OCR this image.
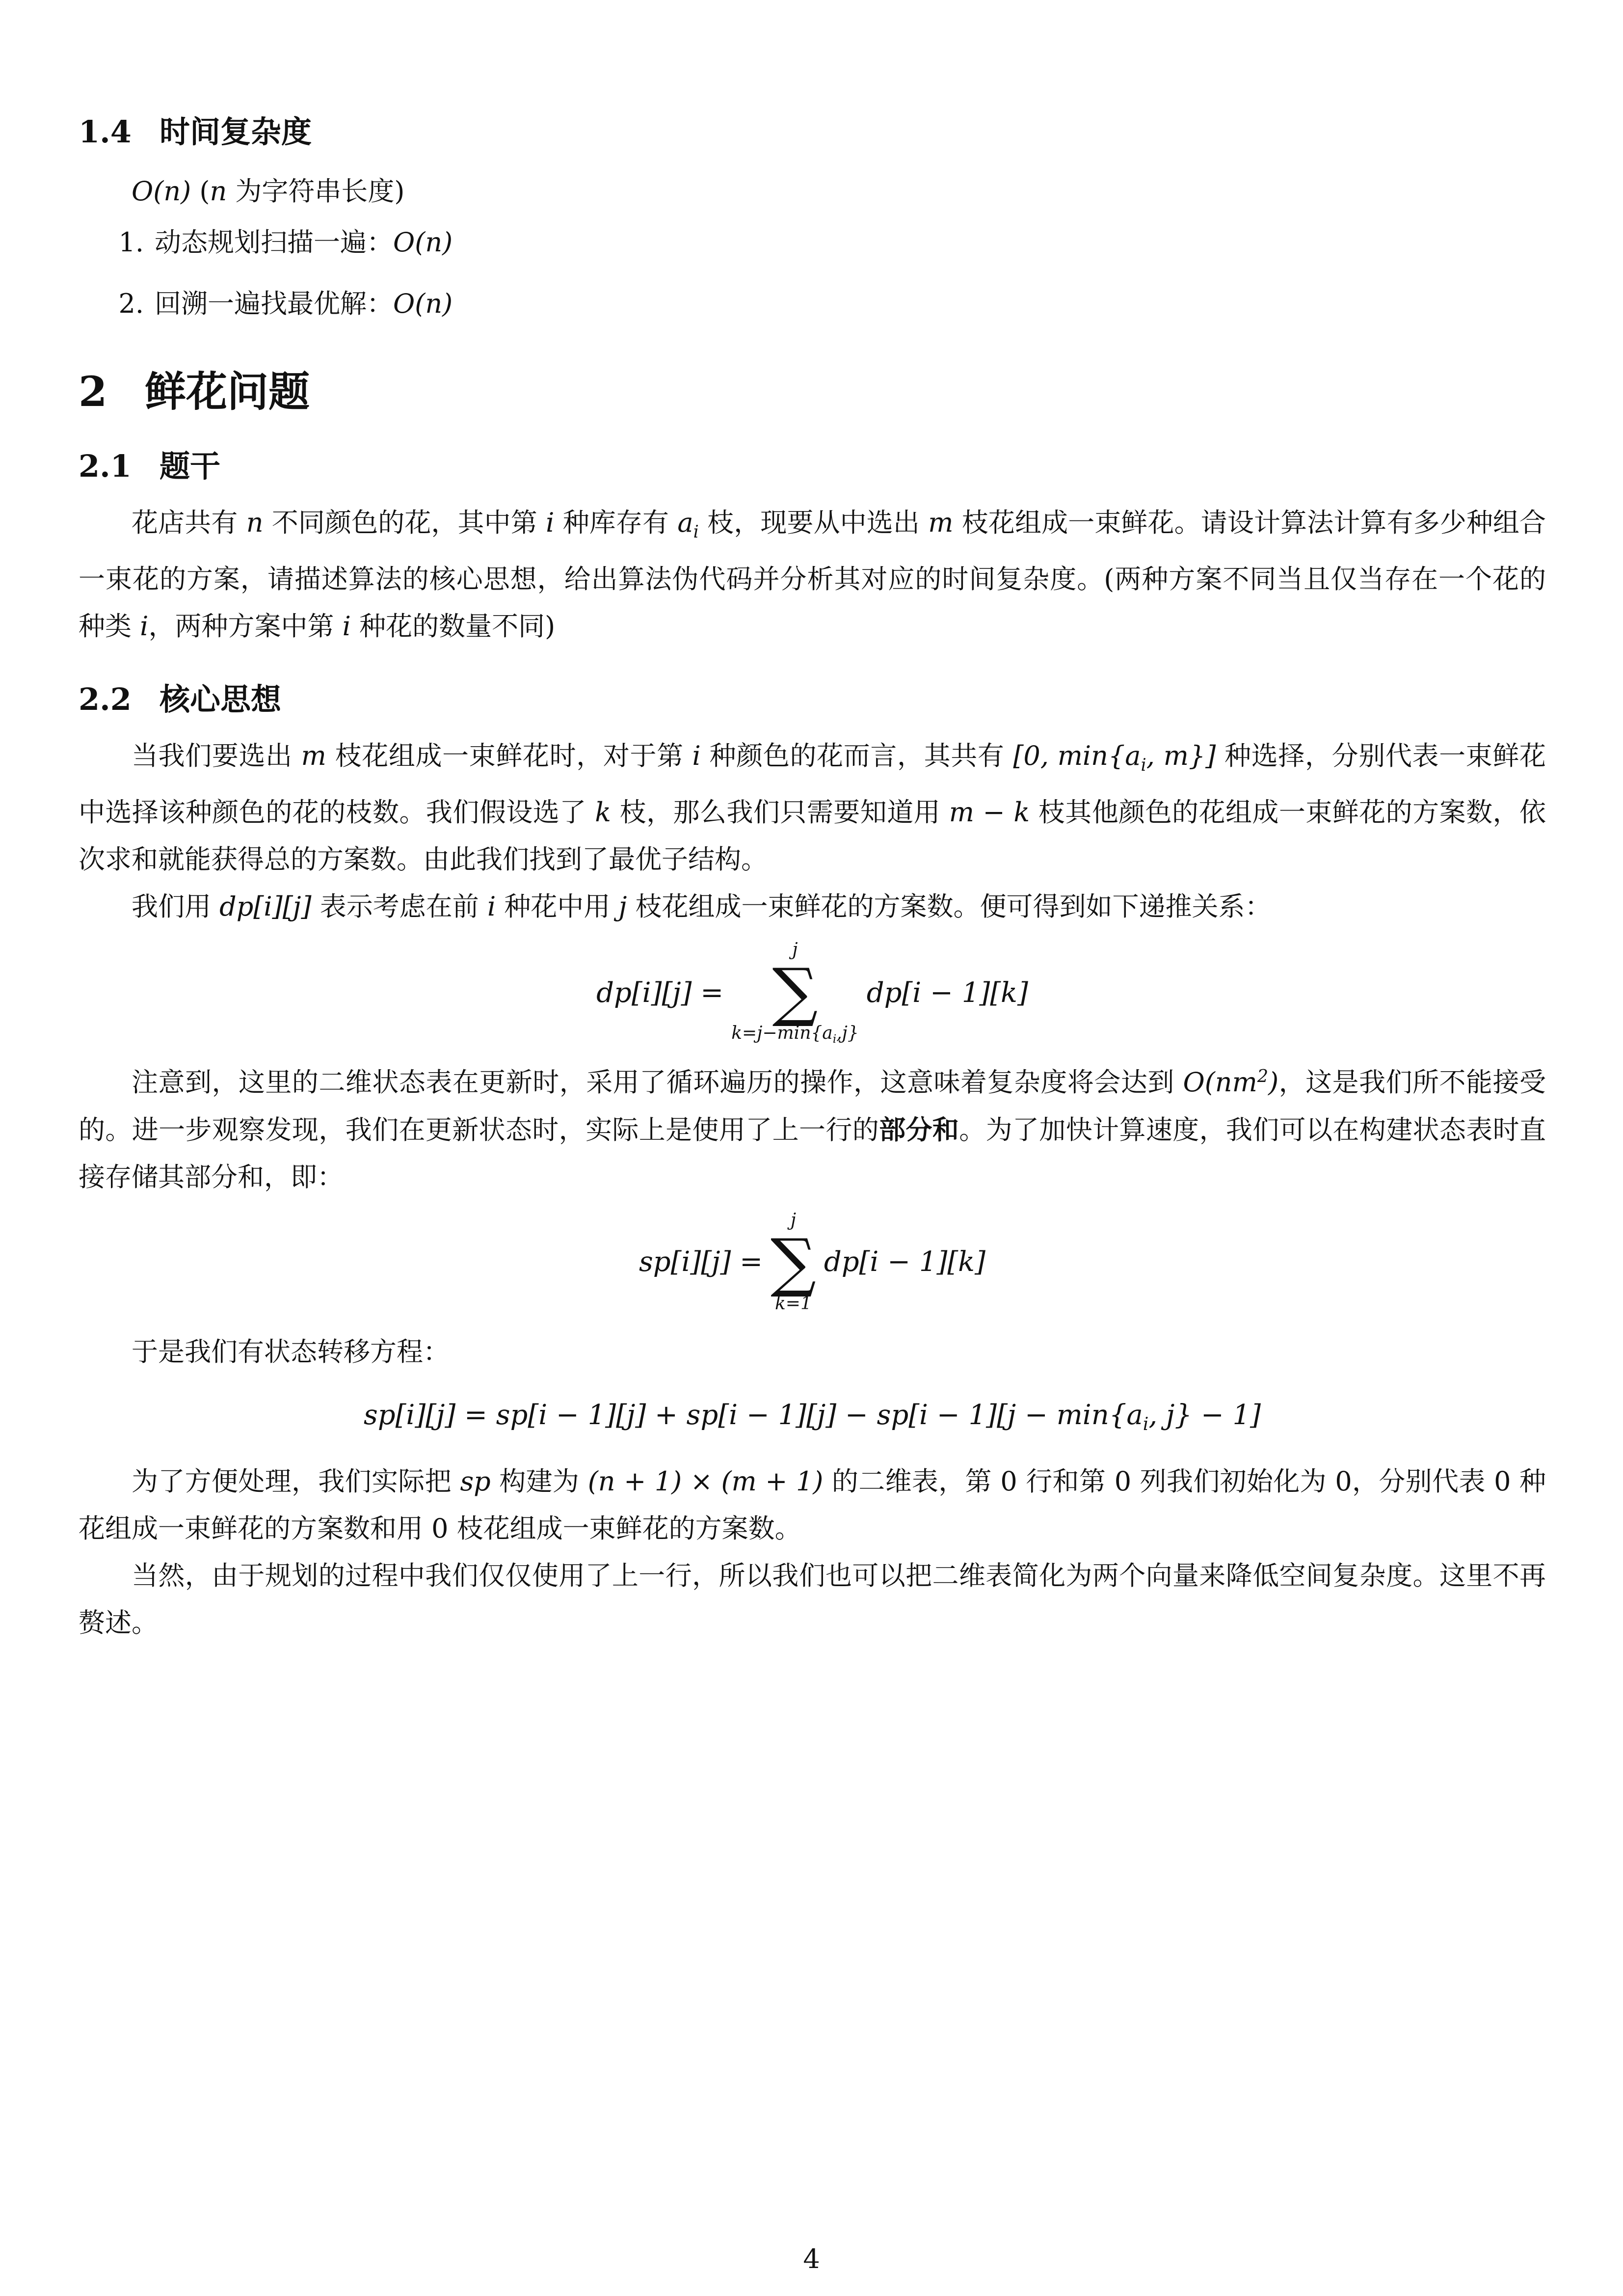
1.4 时间复杂度

O(n) (n 为字符串长度)

1. 动态规划扫描一遍： O(n)
2. 回溯一遍找最优解： O(n)
2 鲜花问题
2.1 题干

花店共有 n 不同颜色的花，其中第 i 种库存有 $a_i$ 枝，现要从中选出 m 枝花组成一束鲜花。请设计算法计算有多少种组合一束花的方案，请描述算法的核心思想，给出算法伪代码并分析其对应的时间复杂度。(两种方案不同当且仅当存在一个花的种类 i，两种方案中第 i 种花的数量不同)

2.2 核心思想

当我们要选出 m 枝花组成一束鲜花时，对于第 i 种颜色的花而言，其共有 [0, $\min\{a_i$, m}] 种选择，分别代表一束鲜花中选择该种颜色的花的枝数。我们假设选了 k 枝，那么我们只需要知道用 m − k 枝其他颜色的花组成一束鲜花的方案数，依次求和就能获得总的方案数。由此我们找到了最优子结构。

我们用 dp[i][j] 表示考虑在前 i 种花中用 j 枝花组成一束鲜花的方案数。便可得到如下递推关系：

dp[i][j] =
j
∑
$k=j-\min\{a_i,j\}$
dp[i − 1][k]

注意到，这里的二维状态表在更新时，采用了循环遍历的操作，这意味着复杂度将会达到 $O(nm^2)$，这是我们所不能接受的。进一步观察发现，我们在更新状态时，实际上是使用了上一行的部分和。为了加快计算速度，我们可以在构建状态表时直接存储其部分和，即：

sp[i][j] =
j
∑
k=1
dp[i − 1][k]

于是我们有状态转移方程：

$sp[i][j] = sp[i - 1][j] + sp[i - 1][j] - sp[i - 1][j - \min\{a_i$, j} − 1]

为了方便处理，我们实际把 sp 构建为 (n + 1) × (m + 1) 的二维表，第 0 行和第 0 列我们初始化为 0，分别代表 0 种花组成一束鲜花的方案数和用 0 枝花组成一束鲜花的方案数。

当然，由于规划的过程中我们仅仅使用了上一行，所以我们也可以把二维表简化为两个向量来降低空间复杂度。这里不再赘述。

4
